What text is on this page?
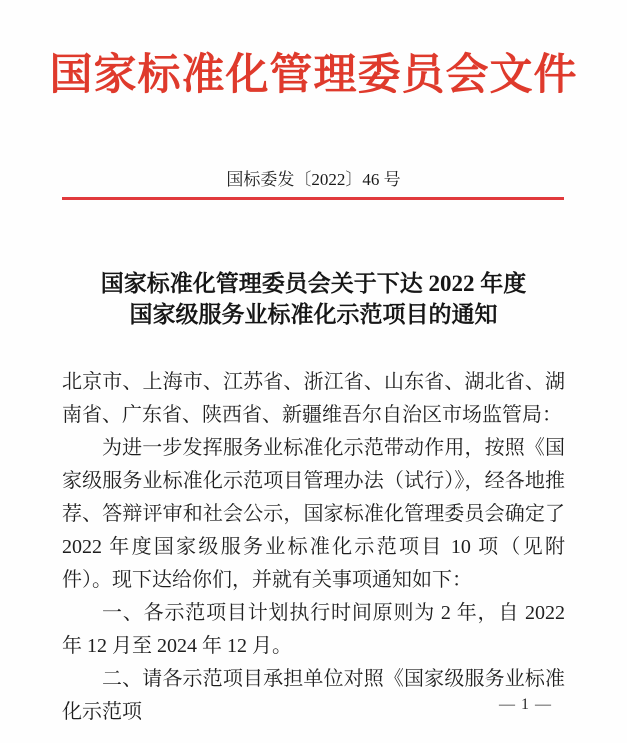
国家标准化管理委员会文件
国标委发〔2022〕46 号
国家标准化管理委员会关于下达 2022 年度
国家级服务业标准化示范项目的通知

北京市、上海市、江苏省、浙江省、山东省、湖北省、湖南省、广东省、陕西省、新疆维吾尔自治区市场监管局：

为进一步发挥服务业标准化示范带动作用，按照《国家级服务业标准化示范项目管理办法（试行）》，经各地推荐、答辩评审和社会公示，国家标准化管理委员会确定了 2022 年度国家级服务业标准化示范项目 10 项（见附件）。现下达给你们，并就有关事项通知如下：

一、各示范项目计划执行时间原则为 2 年，自 2022 年 12 月至 2024 年 12 月。

二、请各示范项目承担单位对照《国家级服务业标准化示范项	— 1 —
